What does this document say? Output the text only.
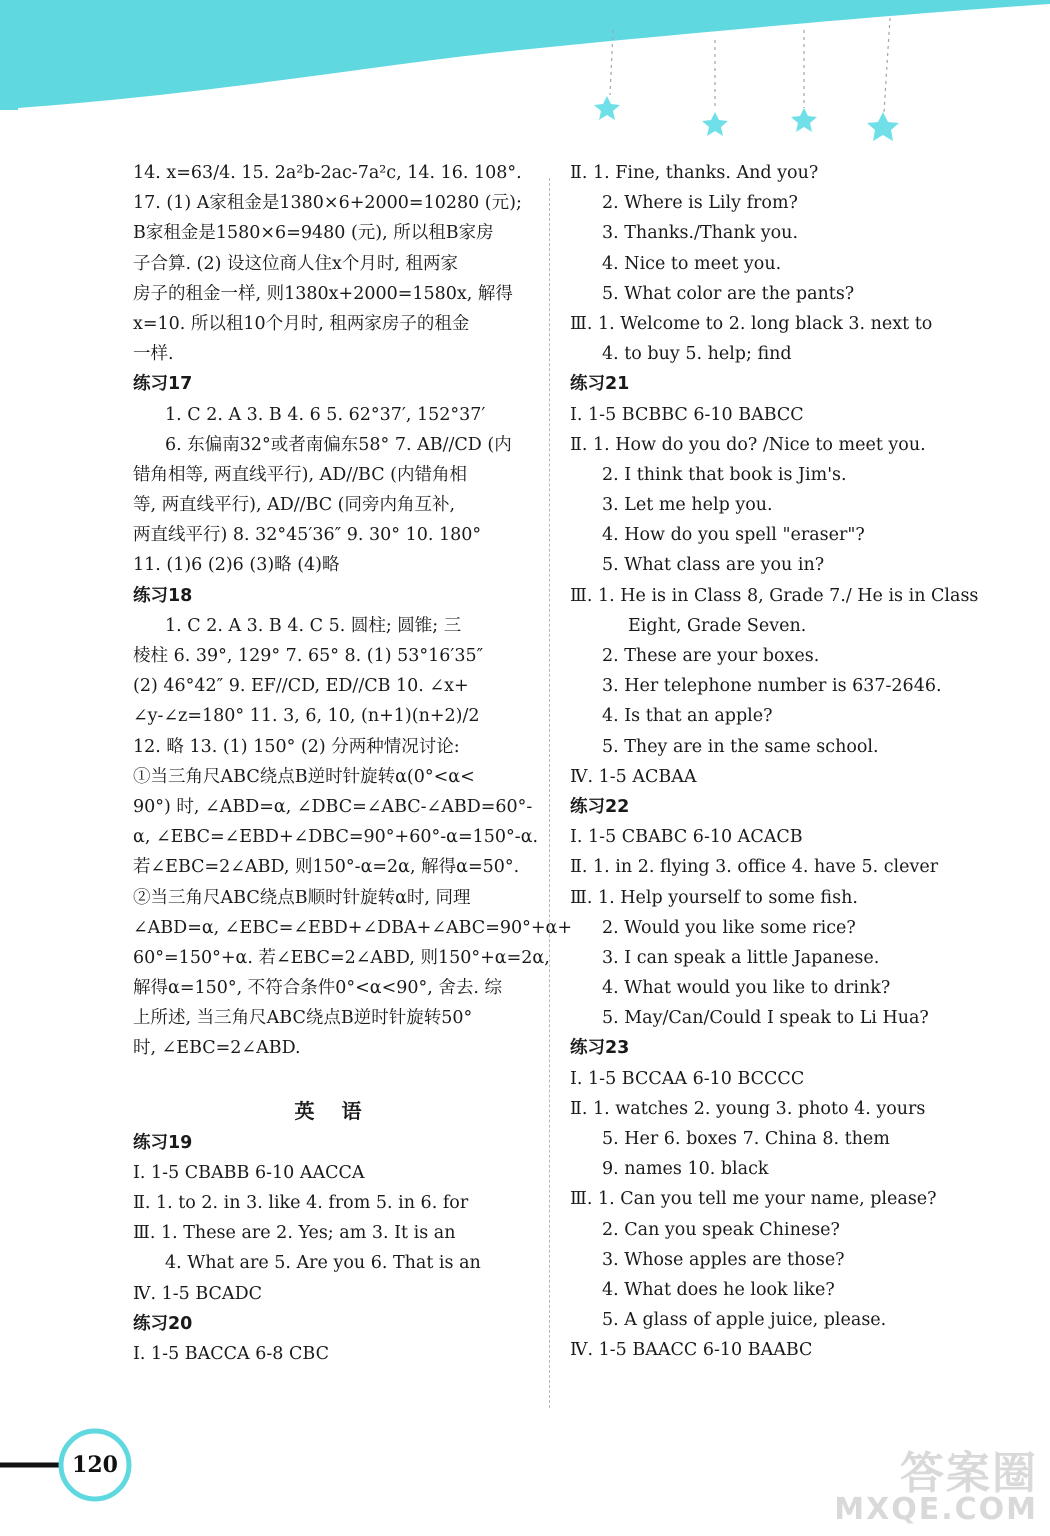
14. x=63/4. 15. 2a²b-2ac-7a²c, 14. 16. 108°.
17. (1) A家租金是1380×6+2000=10280 (元);
B家租金是1580×6=9480 (元), 所以租B家房
子合算. (2) 设这位商人住x个月时, 租两家
房子的租金一样, 则1380x+2000=1580x, 解得
x=10. 所以租10个月时, 租两家房子的租金
一样.
练习17
1. C 2. A 3. B 4. 6 5. 62°37′, 152°37′
6. 东偏南32°或者南偏东58° 7. AB//CD (内
错角相等, 两直线平行), AD//BC (内错角相
等, 两直线平行), AD//BC (同旁内角互补,
两直线平行) 8. 32°45′36″ 9. 30° 10. 180°
11. (1)6 (2)6 (3)略 (4)略
练习18
1. C 2. A 3. B 4. C 5. 圆柱; 圆锥; 三
棱柱 6. 39°, 129° 7. 65° 8. (1) 53°16′35″
(2) 46°42″ 9. EF//CD, ED//CB 10. ∠x+
∠y-∠z=180° 11. 3, 6, 10, (n+1)(n+2)/2
12. 略 13. (1) 150° (2) 分两种情况讨论:
①当三角尺ABC绕点B逆时针旋转α(0°<α<
90°) 时, ∠ABD=α, ∠DBC=∠ABC-∠ABD=60°-
α, ∠EBC=∠EBD+∠DBC=90°+60°-α=150°-α.
若∠EBC=2∠ABD, 则150°-α=2α, 解得α=50°.
②当三角尺ABC绕点B顺时针旋转α时, 同理
∠ABD=α, ∠EBC=∠EBD+∠DBA+∠ABC=90°+α+
60°=150°+α. 若∠EBC=2∠ABD, 则150°+α=2α,
解得α=150°, 不符合条件0°<α<90°, 舍去. 综
上所述, 当三角尺ABC绕点B逆时针旋转50°
时, ∠EBC=2∠ABD.
英 语
练习19
Ⅰ. 1-5 CBABB 6-10 AACCA
Ⅱ. 1. to 2. in 3. like 4. from 5. in 6. for
Ⅲ. 1. These are 2. Yes; am 3. It is an
4. What are 5. Are you 6. That is an
Ⅳ. 1-5 BCADC
练习20
Ⅰ. 1-5 BACCA 6-8 CBC
Ⅱ. 1. Fine, thanks. And you?
2. Where is Lily from?
3. Thanks./Thank you.
4. Nice to meet you.
5. What color are the pants?
Ⅲ. 1. Welcome to 2. long black 3. next to
4. to buy 5. help; find
练习21
Ⅰ. 1-5 BCBBC 6-10 BABCC
Ⅱ. 1. How do you do? /Nice to meet you.
2. I think that book is Jim's.
3. Let me help you.
4. How do you spell "eraser"?
5. What class are you in?
Ⅲ. 1. He is in Class 8, Grade 7./ He is in Class
Eight, Grade Seven.
2. These are your boxes.
3. Her telephone number is 637-2646.
4. Is that an apple?
5. They are in the same school.
Ⅳ. 1-5 ACBAA
练习22
Ⅰ. 1-5 CBABC 6-10 ACACB
Ⅱ. 1. in 2. flying 3. office 4. have 5. clever
Ⅲ. 1. Help yourself to some fish.
2. Would you like some rice?
3. I can speak a little Japanese.
4. What would you like to drink?
5. May/Can/Could I speak to Li Hua?
练习23
Ⅰ. 1-5 BCCAA 6-10 BCCCC
Ⅱ. 1. watches 2. young 3. photo 4. yours
5. Her 6. boxes 7. China 8. them
9. names 10. black
Ⅲ. 1. Can you tell me your name, please?
2. Can you speak Chinese?
3. Whose apples are those?
4. What does he look like?
5. A glass of apple juice, please.
Ⅳ. 1-5 BAACC 6-10 BAABC
120	答案圈
MXQE.COM
